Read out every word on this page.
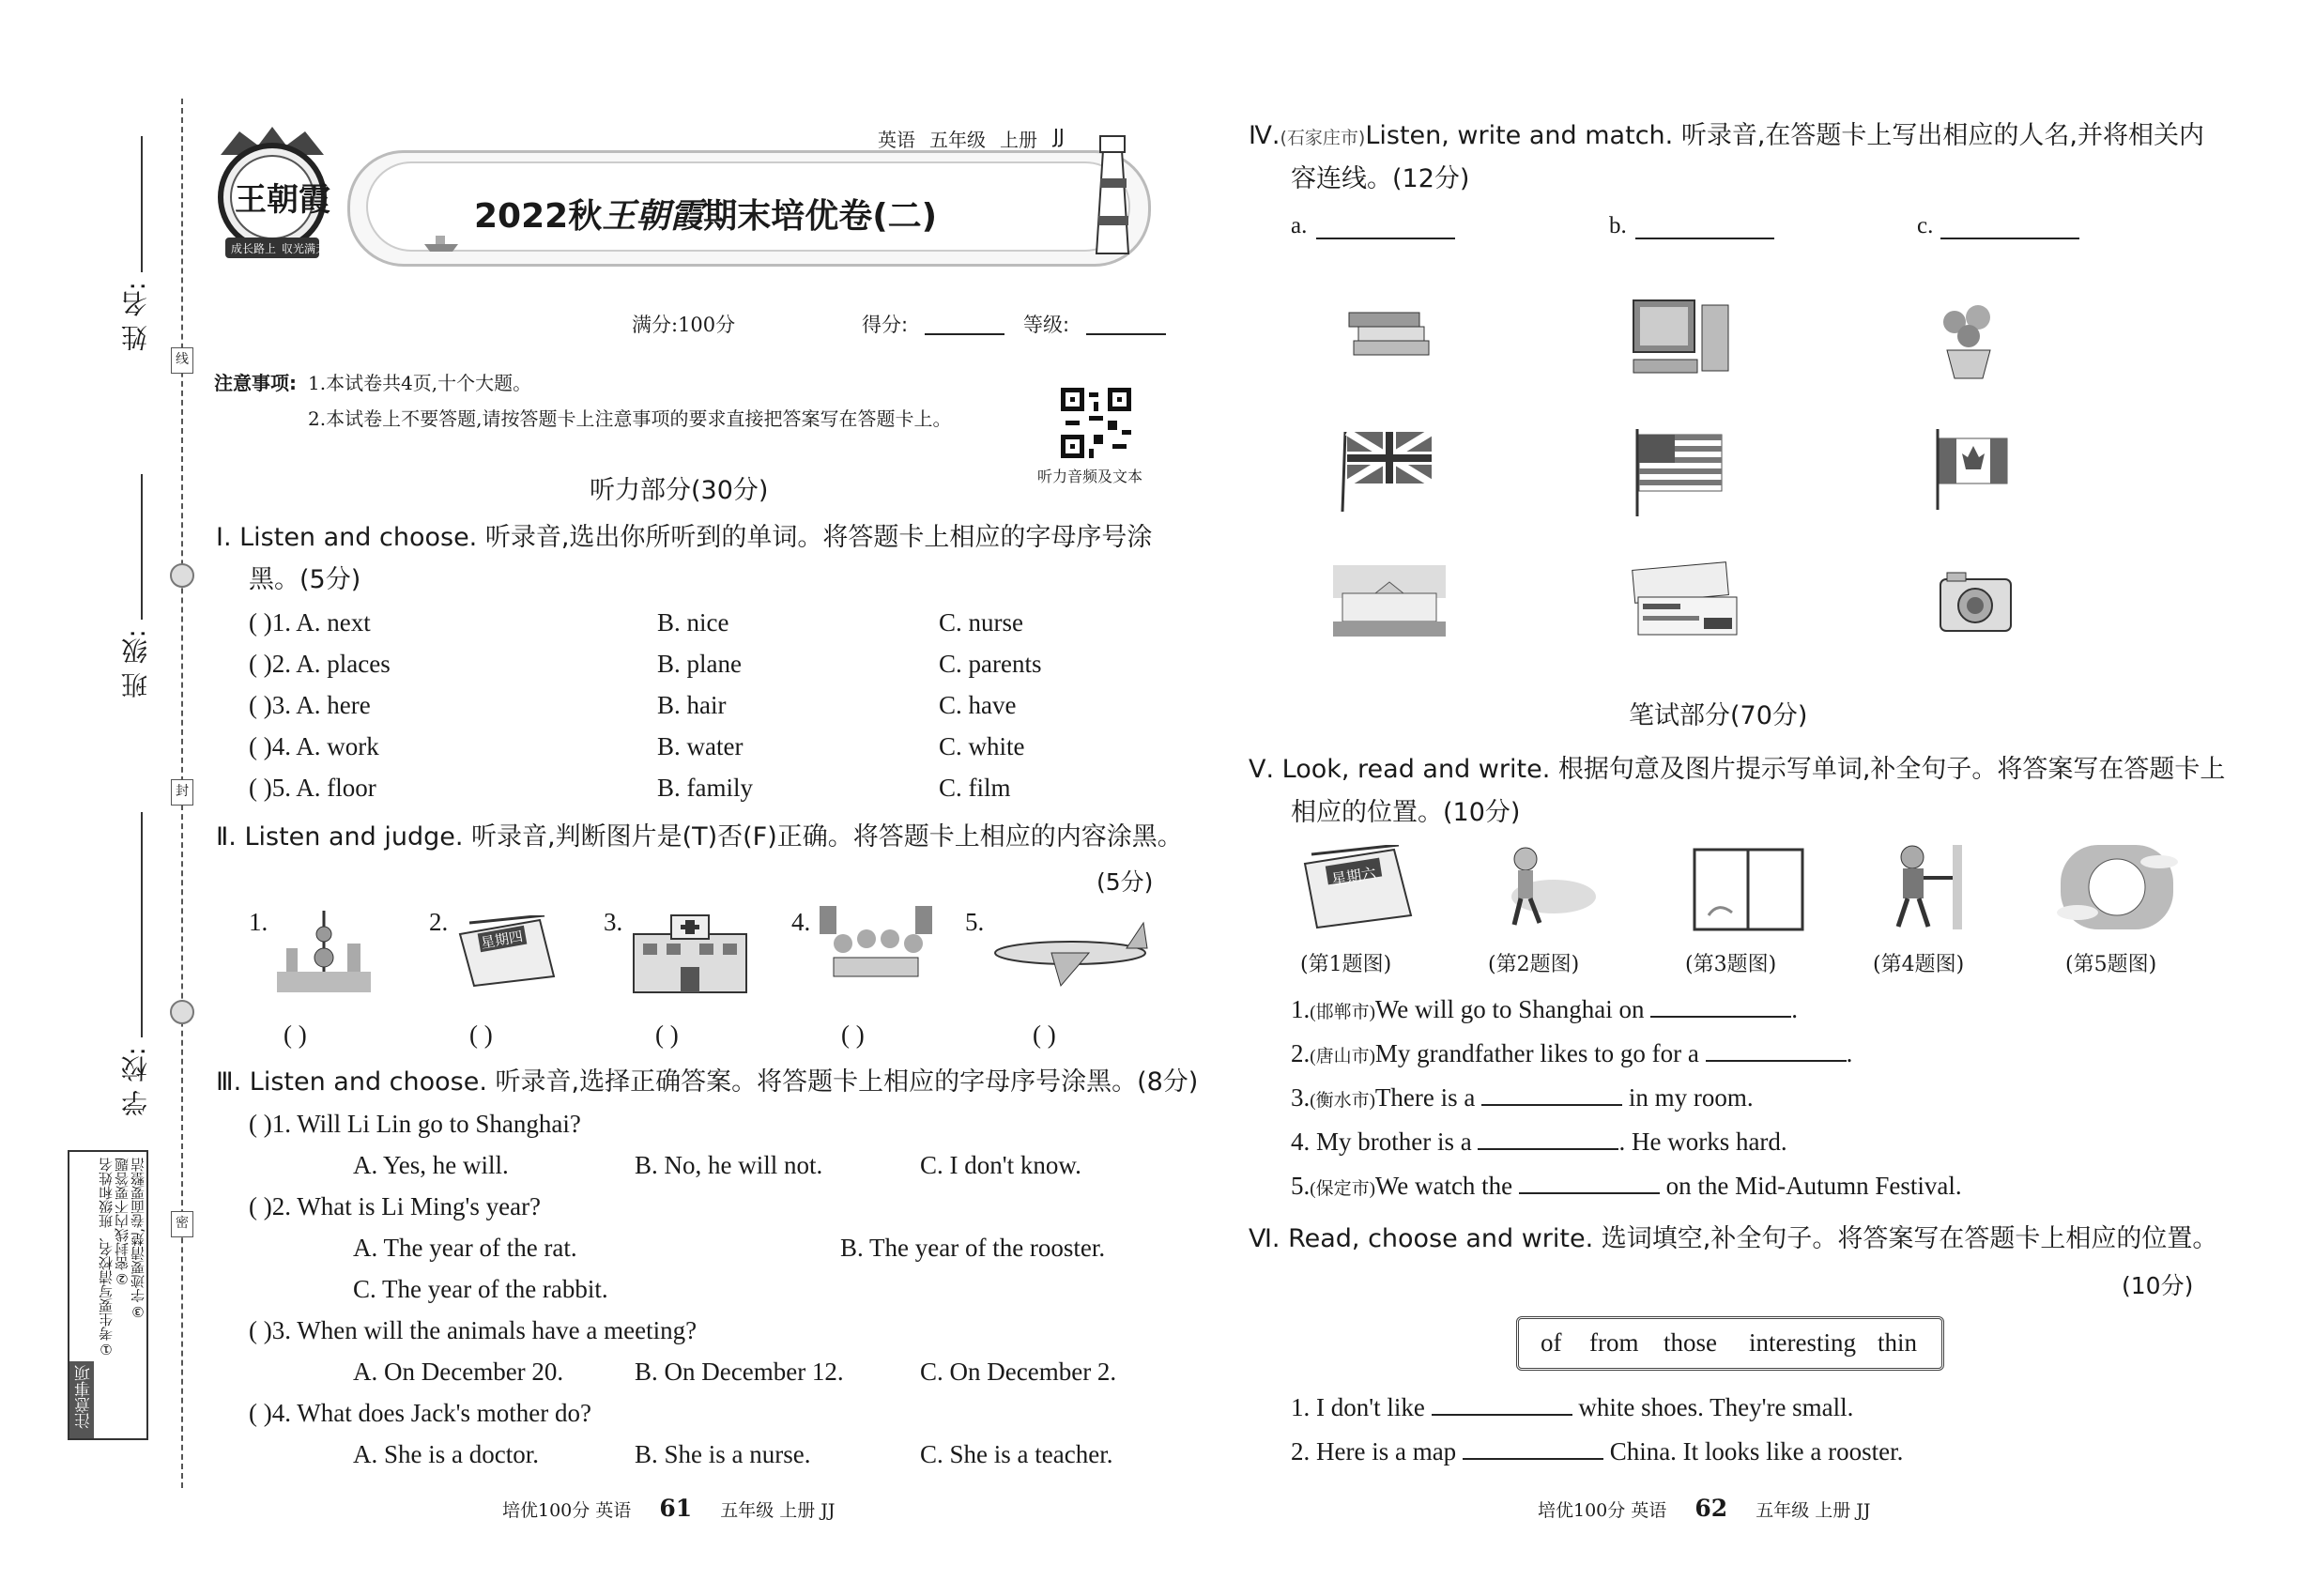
姓 名:
班 级:
学 校:
线
封
密
注意事项
①考生要写清校名、班级和姓名 ②密封线内不要答题 ③字迹要清楚,卷面要整洁
王朝霞
成长路上 収光满天
英语 五年级 上册 JJ
2022秋王朝霞期末培优卷(二)
满分:100分	得分:	等级:
注意事项: 1.本试卷共4页,十个大题。
2.本试卷上不要答题,请按答题卡上注意事项的要求直接把答案写在答题卡上。
听力音频及文本
听力部分(30分)
Ⅰ. Listen and choose. 听录音,选出你所听到的单词。将答题卡上相应的字母序号涂
黑。(5分)
( )1. A. next	B. nice	C. nurse
( )2. A. places	B. plane	C. parents
( )3. A. here	B. hair	C. have
( )4. A. work	B. water	C. white
( )5. A. floor	B. family	C. film
Ⅱ. Listen and judge. 听录音,判断图片是(T)否(F)正确。将答题卡上相应的内容涂黑。
(5分)
1.	2.
星期四
3.	4.	5.
( )	( )	( )	( )	( )
Ⅲ. Listen and choose. 听录音,选择正确答案。将答题卡上相应的字母序号涂黑。(8分)
( )1. Will Li Lin go to Shanghai?
A. Yes, he will.	B. No, he will not.	C. I don't know.
( )2. What is Li Ming's year?
A. The year of the rat.	B. The year of the rooster.
C. The year of the rabbit.
( )3. When will the animals have a meeting?
A. On December 20.	B. On December 12.	C. On December 2.
( )4. What does Jack's mother do?
A. She is a doctor.	B. She is a nurse.	C. She is a teacher.
培优100分 英语 61 五年级 上册 JJ
Ⅳ.(石家庄市)Listen, write and match. 听录音,在答题卡上写出相应的人名,并将相关内
容连线。(12分)
a.	b.	c.
笔试部分(70分)
Ⅴ. Look, read and write. 根据句意及图片提示写单词,补全句子。将答案写在答题卡上
相应的位置。(10分)
星期六
(第1题图)	(第2题图)	(第3题图)	(第4题图)	(第5题图)
1.(邯郸市)We will go to Shanghai on	.
2.(唐山市)My grandfather likes to go for a	.
3.(衡水市)There is a	in my room.
4. My brother is a	. He works hard.
5.(保定市)We watch the	on the Mid-Autumn Festival.
Ⅵ. Read, choose and write. 选词填空,补全句子。将答案写在答题卡上相应的位置。
(10分)
of from those interesting thin
1. I don't like	white shoes. They're small.
2. Here is a map	China. It looks like a rooster.
培优100分 英语 62 五年级 上册 JJ
